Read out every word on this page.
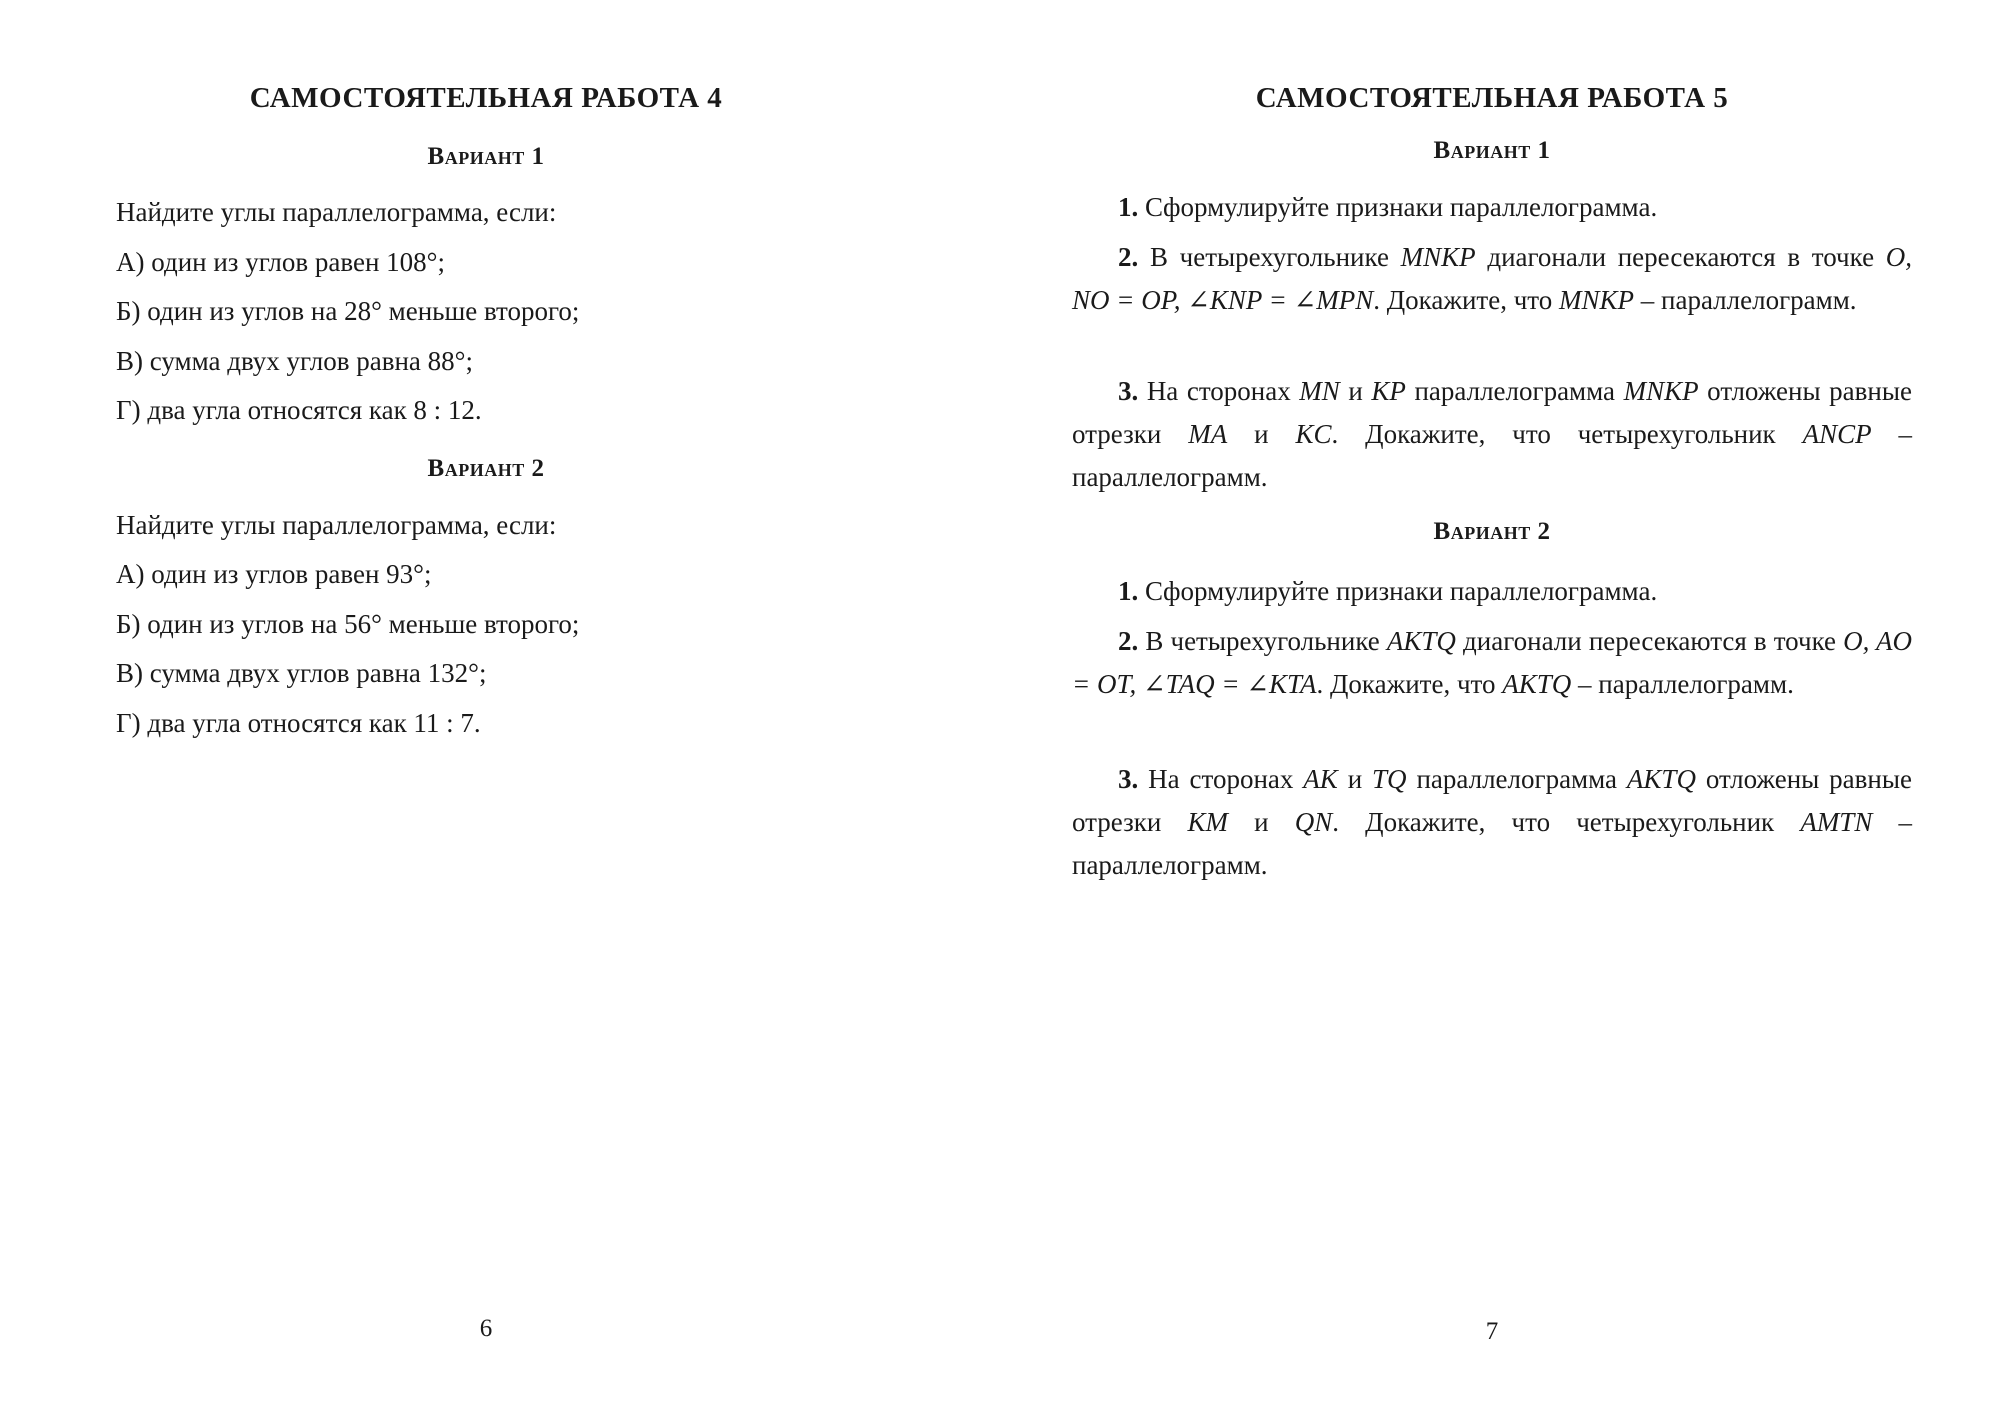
САМОСТОЯТЕЛЬНАЯ РАБОТА 4
Вариант 1

Найдите углы параллелограмма, если:

А) один из углов равен 108°;

Б) один из углов на 28° меньше второго;

В) сумма двух углов равна 88°;

Г) два угла относятся как 8 : 12.

Вариант 2

Найдите углы параллелограмма, если:

А) один из углов равен 93°;

Б) один из углов на 56° меньше второго;

В) сумма двух углов равна 132°;

Г) два угла относятся как 11 : 7.

6
САМОСТОЯТЕЛЬНАЯ РАБОТА 5
Вариант 1

1. Сформулируйте признаки параллелограмма.

2. В четырехугольнике MNKP диагонали пересекаются в точке O, NO = OP, ∠KNP = ∠MPN. Докажите, что MNKP – параллелограмм.

3. На сторонах MN и KP параллелограмма MNKP отложены равные отрезки MA и KC. Докажите, что четырехугольник ANCP – параллелограмм.

Вариант 2

1. Сформулируйте признаки параллелограмма.

2. В четырехугольнике AKTQ диагонали пересекаются в точке O, AO = OT, ∠TAQ = ∠KTA. Докажите, что AKTQ – параллелограмм.

3. На сторонах AK и TQ параллелограмма AKTQ отложены равные отрезки KM и QN. Докажите, что четырехугольник AMTN – параллелограмм.

7
